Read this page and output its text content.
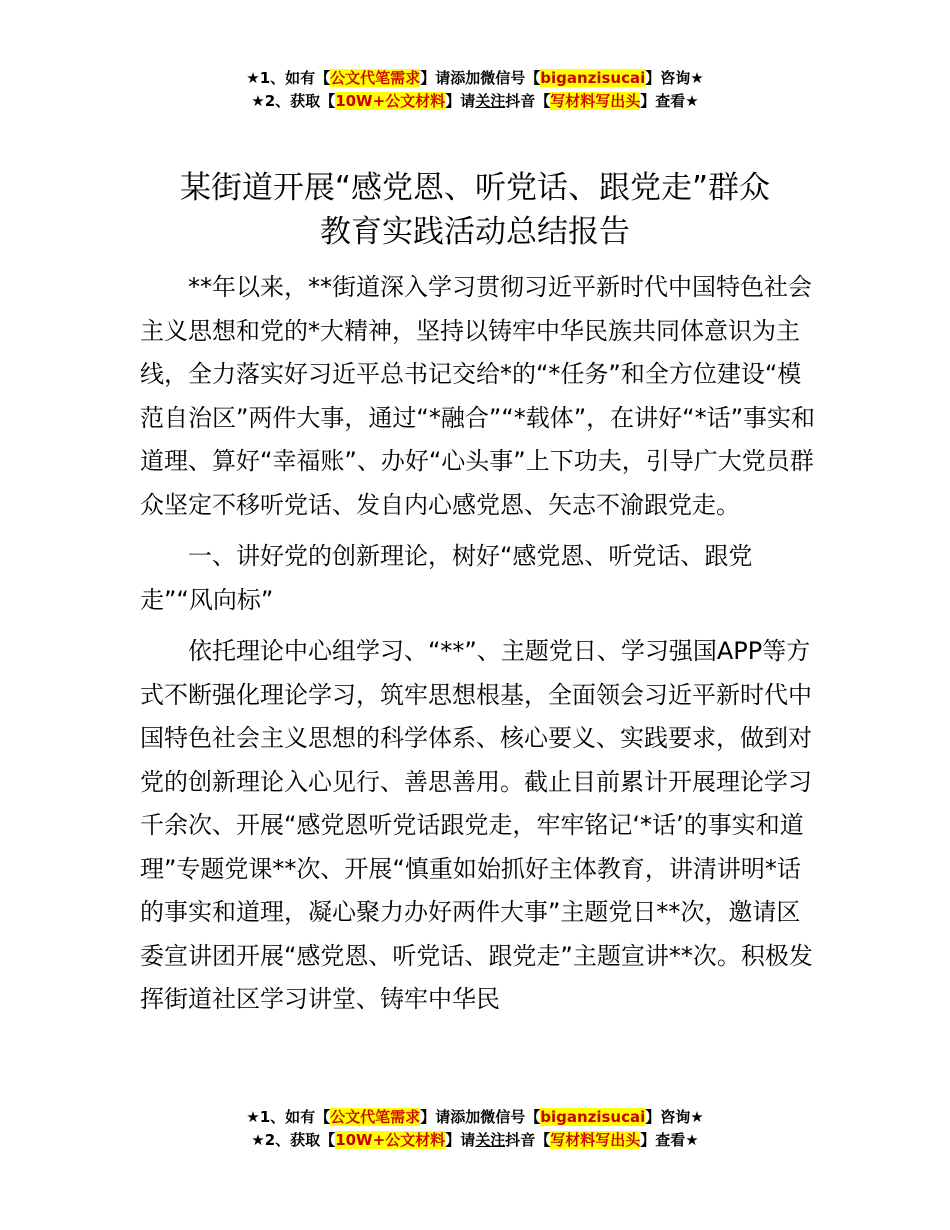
★1、如有【公文代笔需求】请添加微信号【biganzisucai】咨询★
★2、获取【10W+公文材料】请关注抖音【写材料写出头】查看★
某街道开展“感党恩、听党话、跟党走”群众
教育实践活动总结报告

**年以来，**街道深入学习贯彻习近平新时代中国特色社会主义思想和党的*大精神，坚持以铸牢中华民族共同体意识为主线，全力落实好习近平总书记交给*的“*任务”和全方位建设“模范自治区”两件大事，通过“*融合”“*载体”，在讲好“*话”事实和道理、算好“幸福账”、办好“心头事”上下功夫，引导广大党员群众坚定不移听党话、发自内心感党恩、矢志不渝跟党走。

一、讲好党的创新理论，树好“感党恩、听党话、跟党走”“风向标”

依托理论中心组学习、“**”、主题党日、学习强国APP等方式不断强化理论学习，筑牢思想根基，全面领会习近平新时代中国特色社会主义思想的科学体系、核心要义、实践要求，做到对党的创新理论入心见行、善思善用。截止目前累计开展理论学习千余次、开展“感党恩听党话跟党走，牢牢铭记‘*话’的事实和道理”专题党课**次、开展“慎重如始抓好主体教育，讲清讲明*话的事实和道理，凝心聚力办好两件大事”主题党日**次，邀请区委宣讲团开展“感党恩、听党话、跟党走”主题宣讲**次。积极发挥街道社区学习讲堂、铸牢中华民

★1、如有【公文代笔需求】请添加微信号【biganzisucai】咨询★
★2、获取【10W+公文材料】请关注抖音【写材料写出头】查看★
